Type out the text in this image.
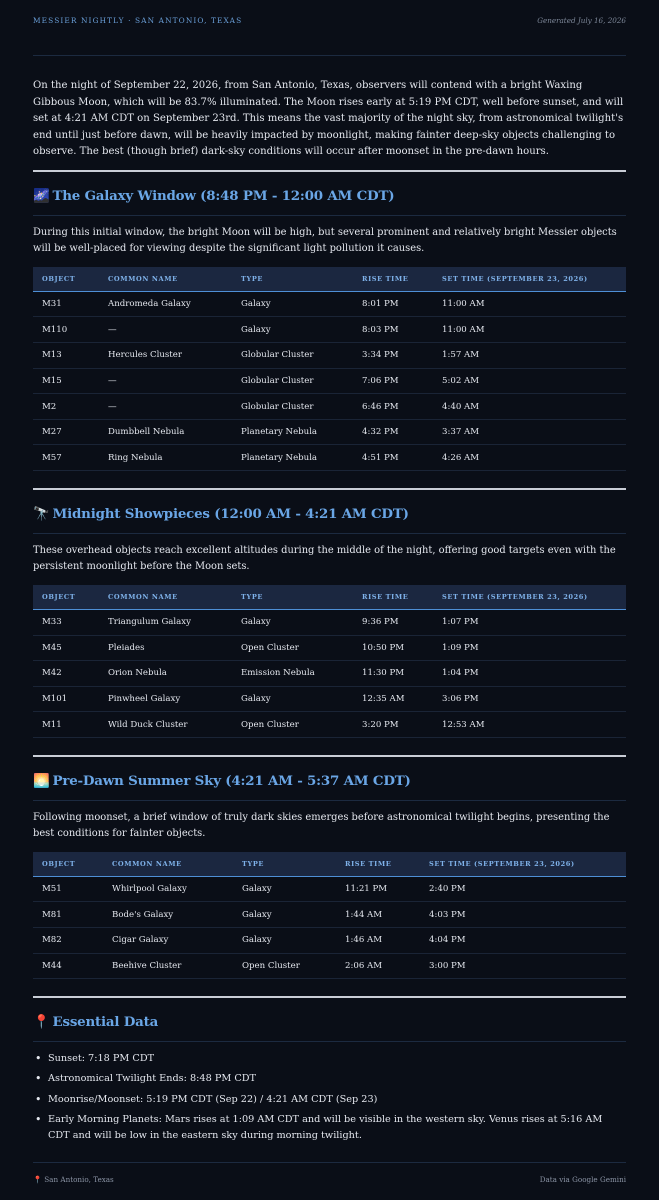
MESSIER NIGHTLY · SAN ANTONIO, TEXAS	Generated July 16, 2026

On the night of September 22, 2026, from San Antonio, Texas, observers will contend with a bright Waxing Gibbous Moon, which will be 83.7% illuminated. The Moon rises early at 5:19 PM CDT, well before sunset, and will set at 4:21 AM CDT on September 23rd. This means the vast majority of the night sky, from astronomical twilight's end until just before dawn, will be heavily impacted by moonlight, making fainter deep-sky objects challenging to observe. The best (though brief) dark-sky conditions will occur after moonset in the pre-dawn hours.

🌌 The Galaxy Window (8:48 PM - 12:00 AM CDT)

During this initial window, the bright Moon will be high, but several prominent and relatively bright Messier objects will be well-placed for viewing despite the significant light pollution it causes.

OBJECT	COMMON NAME	TYPE	RISE TIME	SET TIME (SEPTEMBER 23, 2026)
M31	Andromeda Galaxy	Galaxy	8:01 PM	11:00 AM
M110	—	Galaxy	8:03 PM	11:00 AM
M13	Hercules Cluster	Globular Cluster	3:34 PM	1:57 AM
M15	—	Globular Cluster	7:06 PM	5:02 AM
M2	—	Globular Cluster	6:46 PM	4:40 AM
M27	Dumbbell Nebula	Planetary Nebula	4:32 PM	3:37 AM
M57	Ring Nebula	Planetary Nebula	4:51 PM	4:26 AM
🔭 Midnight Showpieces (12:00 AM - 4:21 AM CDT)

These overhead objects reach excellent altitudes during the middle of the night, offering good targets even with the persistent moonlight before the Moon sets.

OBJECT	COMMON NAME	TYPE	RISE TIME	SET TIME (SEPTEMBER 23, 2026)
M33	Triangulum Galaxy	Galaxy	9:36 PM	1:07 PM
M45	Pleiades	Open Cluster	10:50 PM	1:09 PM
M42	Orion Nebula	Emission Nebula	11:30 PM	1:04 PM
M101	Pinwheel Galaxy	Galaxy	12:35 AM	3:06 PM
M11	Wild Duck Cluster	Open Cluster	3:20 PM	12:53 AM
🌅 Pre-Dawn Summer Sky (4:21 AM - 5:37 AM CDT)

Following moonset, a brief window of truly dark skies emerges before astronomical twilight begins, presenting the best conditions for fainter objects.

OBJECT	COMMON NAME	TYPE	RISE TIME	SET TIME (SEPTEMBER 23, 2026)
M51	Whirlpool Galaxy	Galaxy	11:21 PM	2:40 PM
M81	Bode's Galaxy	Galaxy	1:44 AM	4:03 PM
M82	Cigar Galaxy	Galaxy	1:46 AM	4:04 PM
M44	Beehive Cluster	Open Cluster	2:06 AM	3:00 PM
📍 Essential Data
• Sunset: 7:18 PM CDT
• Astronomical Twilight Ends: 8:48 PM CDT
• Moonrise/Moonset: 5:19 PM CDT (Sep 22) / 4:21 AM CDT (Sep 23)
• Early Morning Planets: Mars rises at 1:09 AM CDT and will be visible in the western sky. Venus rises at 5:16 AM CDT and will be low in the eastern sky during morning twilight.
📍 San Antonio, Texas	Data via Google Gemini
